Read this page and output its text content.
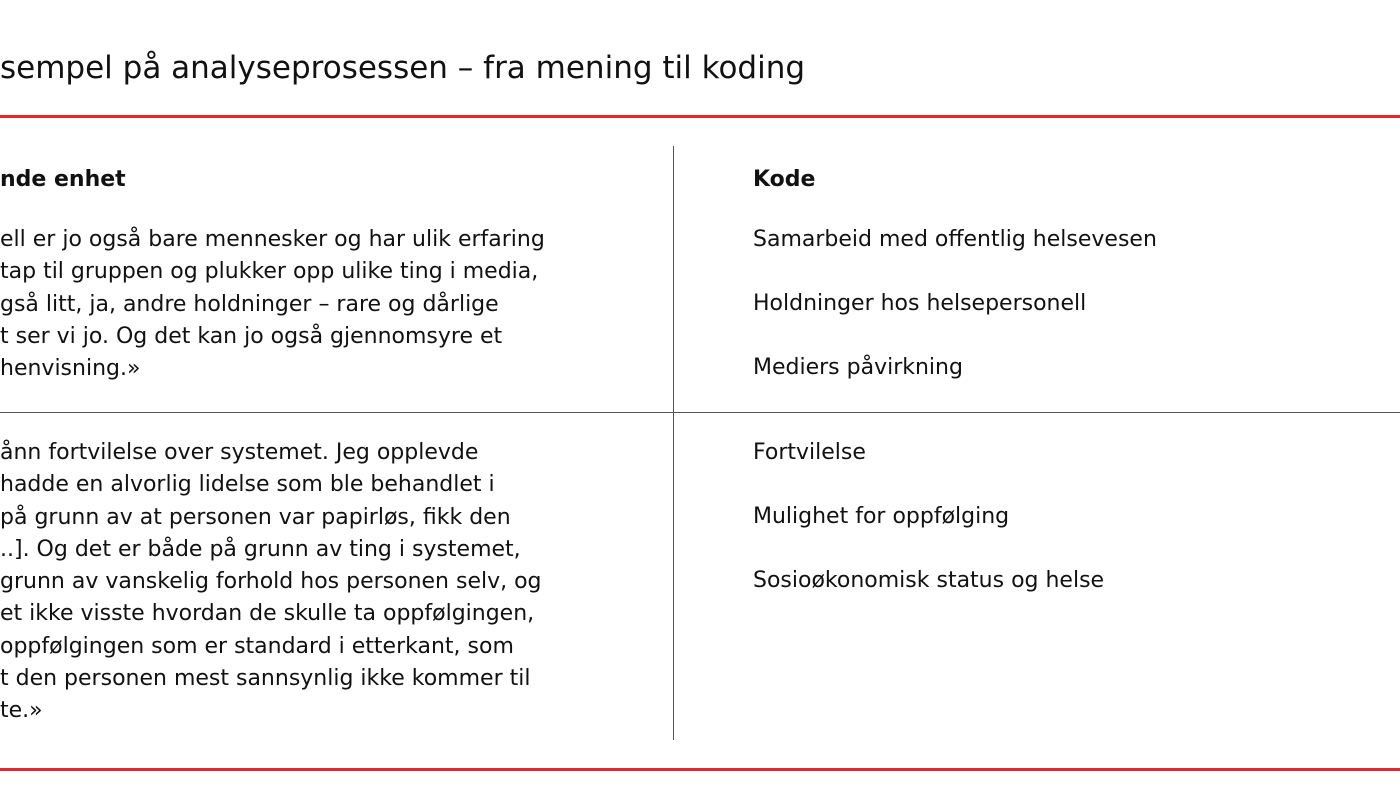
sempel på analyseprosessen – fra mening til koding
nde enhet	Kode
ell er jo også bare mennesker og har ulik erfaring
tap til gruppen og plukker opp ulike ting i media,
gså litt, ja, andre holdninger – rare og dårlige
t ser vi jo. Og det kan jo også gjennomsyre et
henvisning.»
Samarbeid med offentlig helsevesen
Holdninger hos helsepersonell
Mediers påvirkning
ånn fortvilelse over systemet. Jeg opplevde
hadde en alvorlig lidelse som ble behandlet i
på grunn av at personen var papirløs, fikk den
..]. Og det er både på grunn av ting i systemet,
grunn av vanskelig forhold hos personen selv, og
et ikke visste hvordan de skulle ta oppfølgingen,
oppfølgingen som er standard i etterkant, som
t den personen mest sannsynlig ikke kommer til
te.»
Fortvilelse
Mulighet for oppfølging
Sosioøkonomisk status og helse
